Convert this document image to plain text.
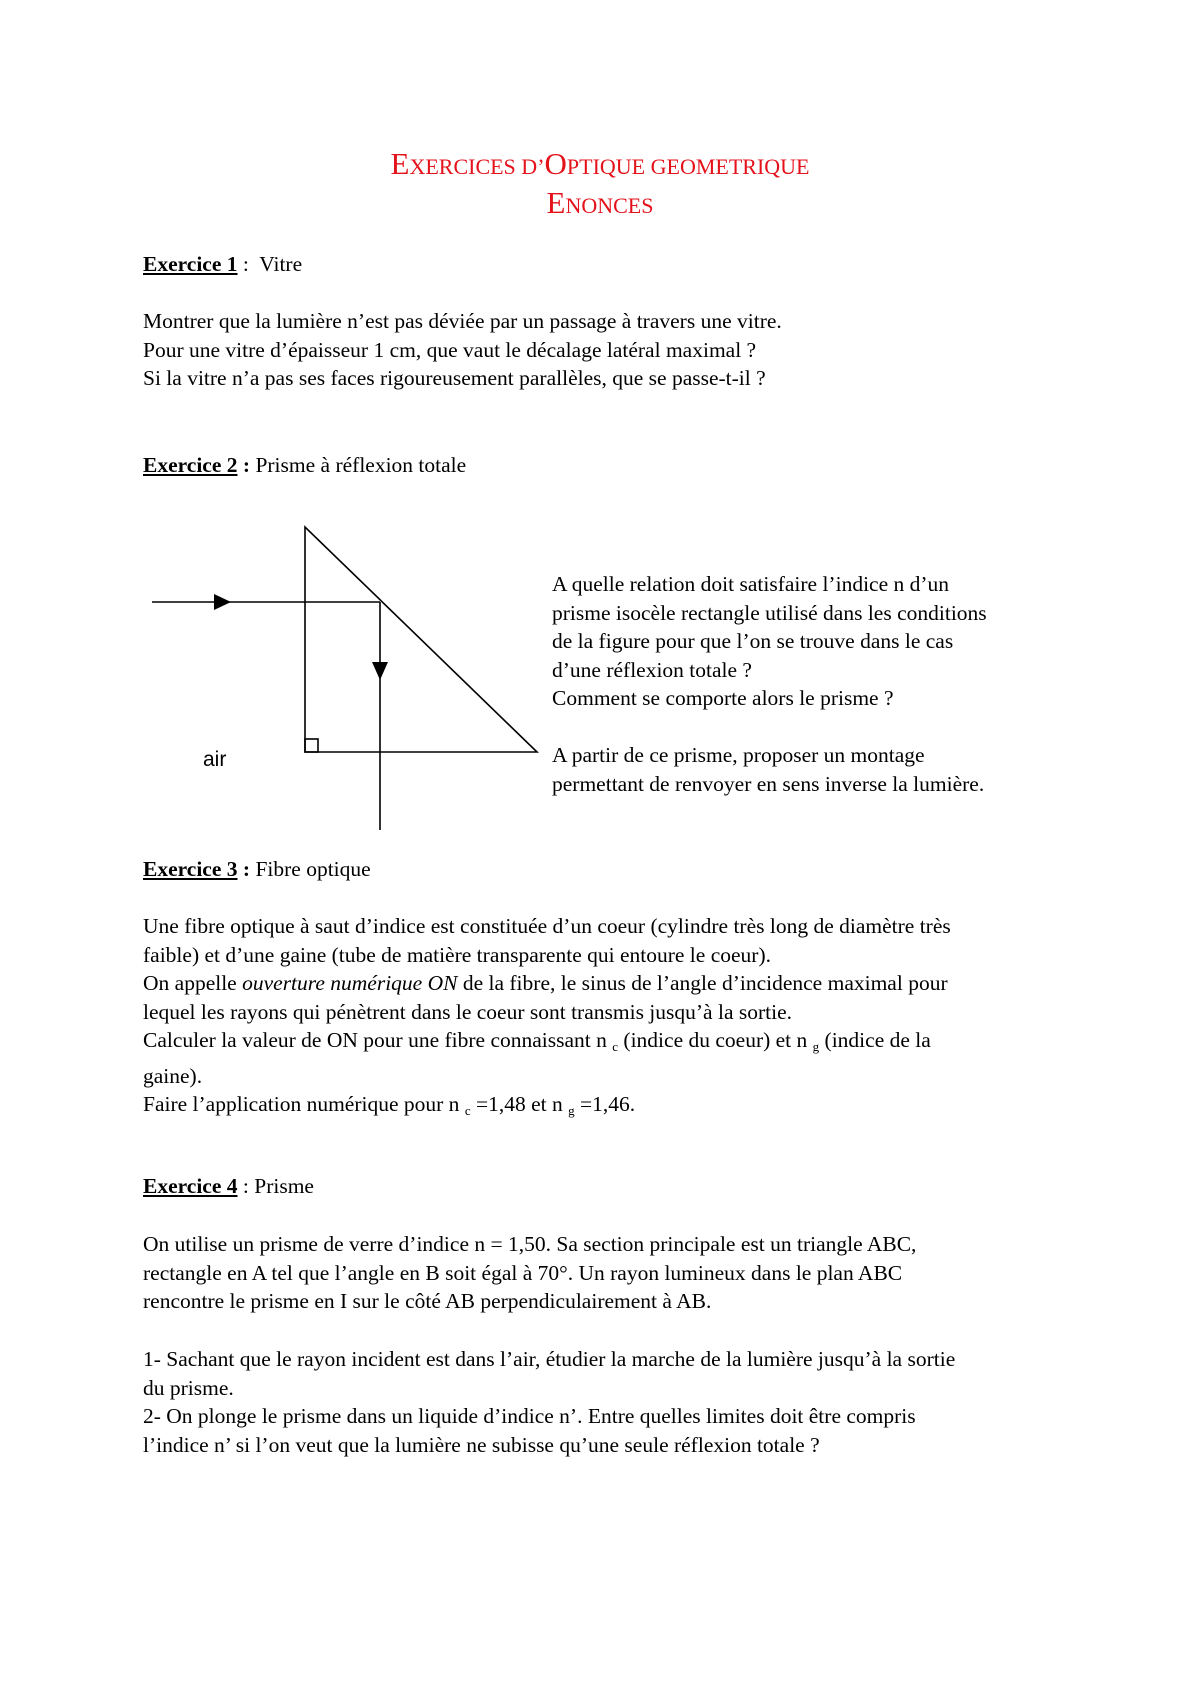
EXERCICES D’OPTIQUE GEOMETRIQUE
ENONCES
Exercice 1 :  Vitre
Montrer que la lumière n’est pas déviée par un passage à travers une vitre.
Pour une vitre d’épaisseur 1 cm, que vaut le décalage latéral maximal ?
Si la vitre n’a pas ses faces rigoureusement parallèles, que se passe-t-il ?
Exercice 2 : Prisme à réflexion totale
air
A quelle relation doit satisfaire l’indice n d’un
prisme isocèle rectangle utilisé dans les conditions
de la figure pour que l’on se trouve dans le cas
d’une réflexion totale ?
Comment se comporte alors le prisme ?
A partir de ce prisme, proposer un montage
permettant de renvoyer en sens inverse la lumière.
Exercice 3 : Fibre optique
Une fibre optique à saut d’indice est constituée d’un coeur (cylindre très long de diamètre très
faible) et d’une gaine (tube de matière transparente qui entoure le coeur).
On appelle ouverture numérique ON de la fibre, le sinus de l’angle d’incidence maximal pour
lequel les rayons qui pénètrent dans le coeur sont transmis jusqu’à la sortie.
Calculer la valeur de ON pour une fibre connaissant n $_c$ (indice du coeur) et n $_g$ (indice de la
gaine).
Faire l’application numérique pour n $_c$ =1,48 et n $_g$ =1,46.
Exercice 4 : Prisme
On utilise un prisme de verre d’indice n = 1,50. Sa section principale est un triangle ABC,
rectangle en A tel que l’angle en B soit égal à 70°. Un rayon lumineux dans le plan ABC
rencontre le prisme en I sur le côté AB perpendiculairement à AB.
1- Sachant que le rayon incident est dans l’air, étudier la marche de la lumière jusqu’à la sortie
du prisme.
2- On plonge le prisme dans un liquide d’indice n’. Entre quelles limites doit être compris
l’indice n’ si l’on veut que la lumière ne subisse qu’une seule réflexion totale ?
